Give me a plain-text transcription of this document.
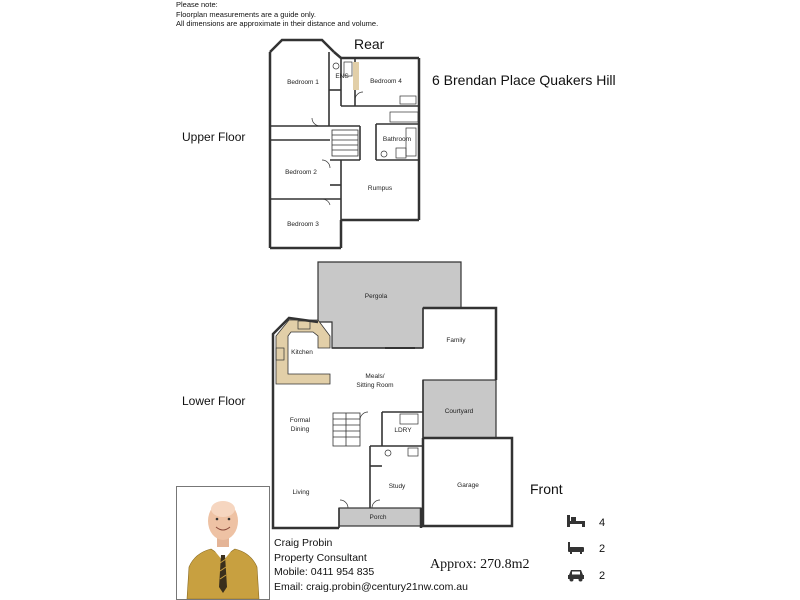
Please note:
Floorplan measurements are a guide only.
All dimensions are approximate in their distance and volume.
Rear
6 Brendan Place Quakers Hill
Upper Floor
Lower Floor
Front
Approx: 270.8m2
Bedroom 1
ENS
Bedroom 4
Bathroom
Bedroom 2
Rumpus
Bedroom 3
Pergola
Kitchen
Family
Meals/
Sitting Room
Courtyard
Formal
Dining	LDRY
Study	Garage
Living
Porch
Craig Probin
Property Consultant
Mobile: 0411 954 835
Email: craig.probin@century21nw.com.au
4
2
2
